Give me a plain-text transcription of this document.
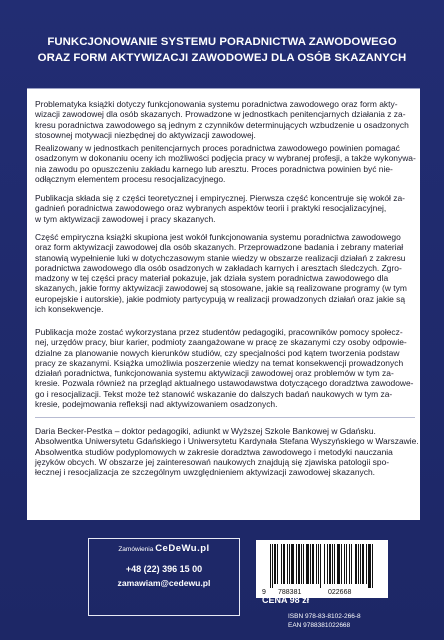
FUNKCJONOWANIE SYSTEMU PORADNICTWA ZAWODOWEGO
ORAZ FORM AKTYWIZACJI ZAWODOWEJ DLA OSÓB SKAZANYCH
Problematyka książki dotyczy funkcjonowania systemu poradnictwa zawodowego oraz form akty-
wizacji zawodowej dla osób skazanych. Prowadzone w jednostkach penitencjarnych działania z za-
kresu poradnictwa zawodowego są jednym z czynników determinujących wzbudzenie u osadzonych
stosownej motywacji niezbędnej do aktywizacji zawodowej.
Realizowany w jednostkach penitencjarnych proces poradnictwa zawodowego powinien pomagać
osadzonym w dokonaniu oceny ich możliwości podjęcia pracy w wybranej profesji, a także wykonywa-
nia zawodu po opuszczeniu zakładu karnego lub aresztu. Proces poradnictwa powinien być nie-
odłącznym elementem procesu resocjalizacyjnego.
Publikacja składa się z części teoretycznej i empirycznej. Pierwsza część koncentruje się wokół za-
gadnień poradnictwa zawodowego oraz wybranych aspektów teorii i praktyki resocjalizacyjnej,
w tym aktywizacji zawodowej i pracy skazanych.
Część empiryczna książki skupiona jest wokół funkcjonowania systemu poradnictwa zawodowego
oraz form aktywizacji zawodowej dla osób skazanych. Przeprowadzone badania i zebrany materiał
stanowią wypełnienie luki w dotychczasowym stanie wiedzy w obszarze realizacji działań z zakresu
poradnictwa zawodowego dla osób osadzonych w zakładach karnych i aresztach śledczych. Zgro-
madzony w tej części pracy materiał pokazuje, jak działa system poradnictwa zawodowego dla
skazanych, jakie formy aktywizacji zawodowej są stosowane, jakie są realizowane programy (w tym
europejskie i autorskie), jakie podmioty partycypują w realizacji prowadzonych działań oraz jakie są
ich konsekwencje.
Publikacja może zostać wykorzystana przez studentów pedagogiki, pracowników pomocy społecz-
nej, urzędów pracy, biur karier, podmioty zaangażowane w pracę ze skazanymi czy osoby odpowie-
dzialne za planowanie nowych kierunków studiów, czy specjalności pod kątem tworzenia podstaw
pracy ze skazanymi. Książka umożliwia poszerzenie wiedzy na temat konsekwencji prowadzonych
działań poradnictwa, funkcjonowania systemu aktywizacji zawodowej oraz problemów w tym za-
kresie. Pozwala również na przegląd aktualnego ustawodawstwa dotyczącego doradztwa zawodowe-
go i resocjalizacji. Tekst może też stanowić wskazanie do dalszych badań naukowych w tym za-
kresie, podejmowania refleksji nad aktywizowaniem osadzonych.
Daria Becker-Pestka – doktor pedagogiki, adiunkt w Wyższej Szkole Bankowej w Gdańsku.
Absolwentka Uniwersytetu Gdańskiego i Uniwersytetu Kardynała Stefana Wyszyńskiego w Warszawie.
Absolwentka studiów podyplomowych w zakresie doradztwa zawodowego i metodyki nauczania
języków obcych. W obszarze jej zainteresowań naukowych znajdują się zjawiska patologii spo-
łecznej i resocjalizacja ze szczególnym uwzględnieniem aktywizacji zawodowej skazanych.
Zamówienia CeDeWu.pl
+48 (22) 396 15 00
zamawiam@cedewu.pl
9 788381	022668
CENA 98 zł
ISBN 978-83-8102-266-8
EAN 9788381022668
